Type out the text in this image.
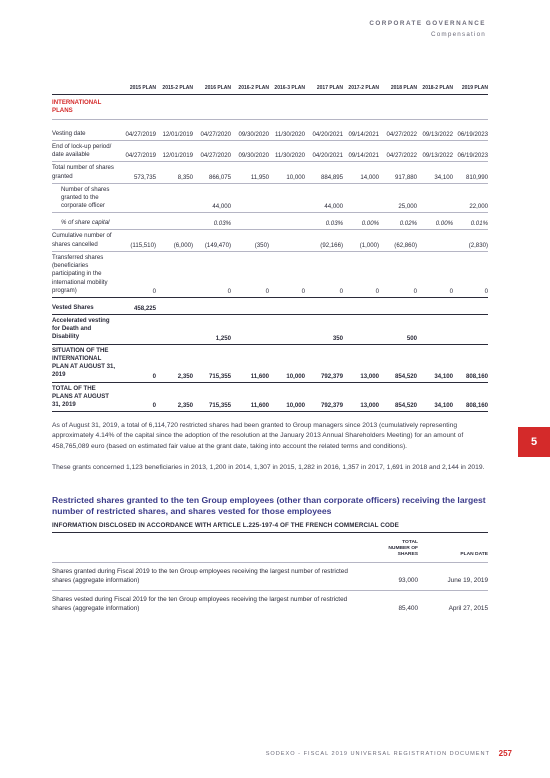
CORPORATE GOVERNANCE
Compensation
	2015 PLAN	2015-2 PLAN	2016 PLAN	2016-2 PLAN	2016-3 PLAN	2017 PLAN	2017-2 PLAN	2018 PLAN	2018-2 PLAN	2019 PLAN
INTERNATIONAL PLANS										
Vesting date	04/27/2019	12/01/2019	04/27/2020	09/30/2020	11/30/2020	04/20/2021	09/14/2021	04/27/2022	09/13/2022	06/19/2023
End of lock-up period/ date available	04/27/2019	12/01/2019	04/27/2020	09/30/2020	11/30/2020	04/20/2021	09/14/2021	04/27/2022	09/13/2022	06/19/2023
Total number of shares granted	573,735	8,350	866,075	11,950	10,000	884,895	14,000	917,880	34,100	810,990
Number of shares granted to the corporate officer			44,000			44,000		25,000		22,000
% of share capital			0.03%			0.03%	0.00%	0.02%	0.00%	0.01%
Cumulative number of shares cancelled	(115,510)	(6,000)	(149,470)	(350)		(92,166)	(1,000)	(62,860)		(2,830)
Transferred shares (beneficiaries participating in the international mobility program)	0		0	0	0	0	0	0	0	0
Vested Shares	458,225									
Accelerated vesting for Death and Disability			1,250			350		500		
SITUATION OF THE INTERNATIONAL PLAN AT AUGUST 31, 2019	0	2,350	715,355	11,600	10,000	792,379	13,000	854,520	34,100	808,160
TOTAL OF THE PLANS AT AUGUST 31, 2019	0	2,350	715,355	11,600	10,000	792,379	13,000	854,520	34,100	808,160

As of August 31, 2019, a total of 6,114,720 restricted shares had been granted to Group managers since 2013 (cumulatively representing approximately 4.14% of the capital since the adoption of the resolution at the January 2013 Annual Shareholders Meeting) for an amount of 458,765,089 euro (based on estimated fair value at the grant date, taking into account the related terms and conditions).

These grants concerned 1,123 beneficiaries in 2013, 1,200 in 2014, 1,307 in 2015, 1,282 in 2016, 1,357 in 2017, 1,691 in 2018 and 2,144 in 2019.

5
Restricted shares granted to the ten Group employees (other than corporate officers) receiving the largest number of restricted shares, and shares vested for those employees
INFORMATION DISCLOSED IN ACCORDANCE WITH ARTICLE L.225-197-4 OF THE FRENCH COMMERCIAL CODE
	TOTAL NUMBER OF SHARES	PLAN DATE
Shares granted during Fiscal 2019 to the ten Group employees receiving the largest number of restricted shares (aggregate information)	93,000	June 19, 2019
Shares vested during Fiscal 2019 for the ten Group employees receiving the largest number of restricted shares (aggregate information)	85,400	April 27, 2015
SODEXO - FISCAL 2019 UNIVERSAL REGISTRATION DOCUMENT 257
